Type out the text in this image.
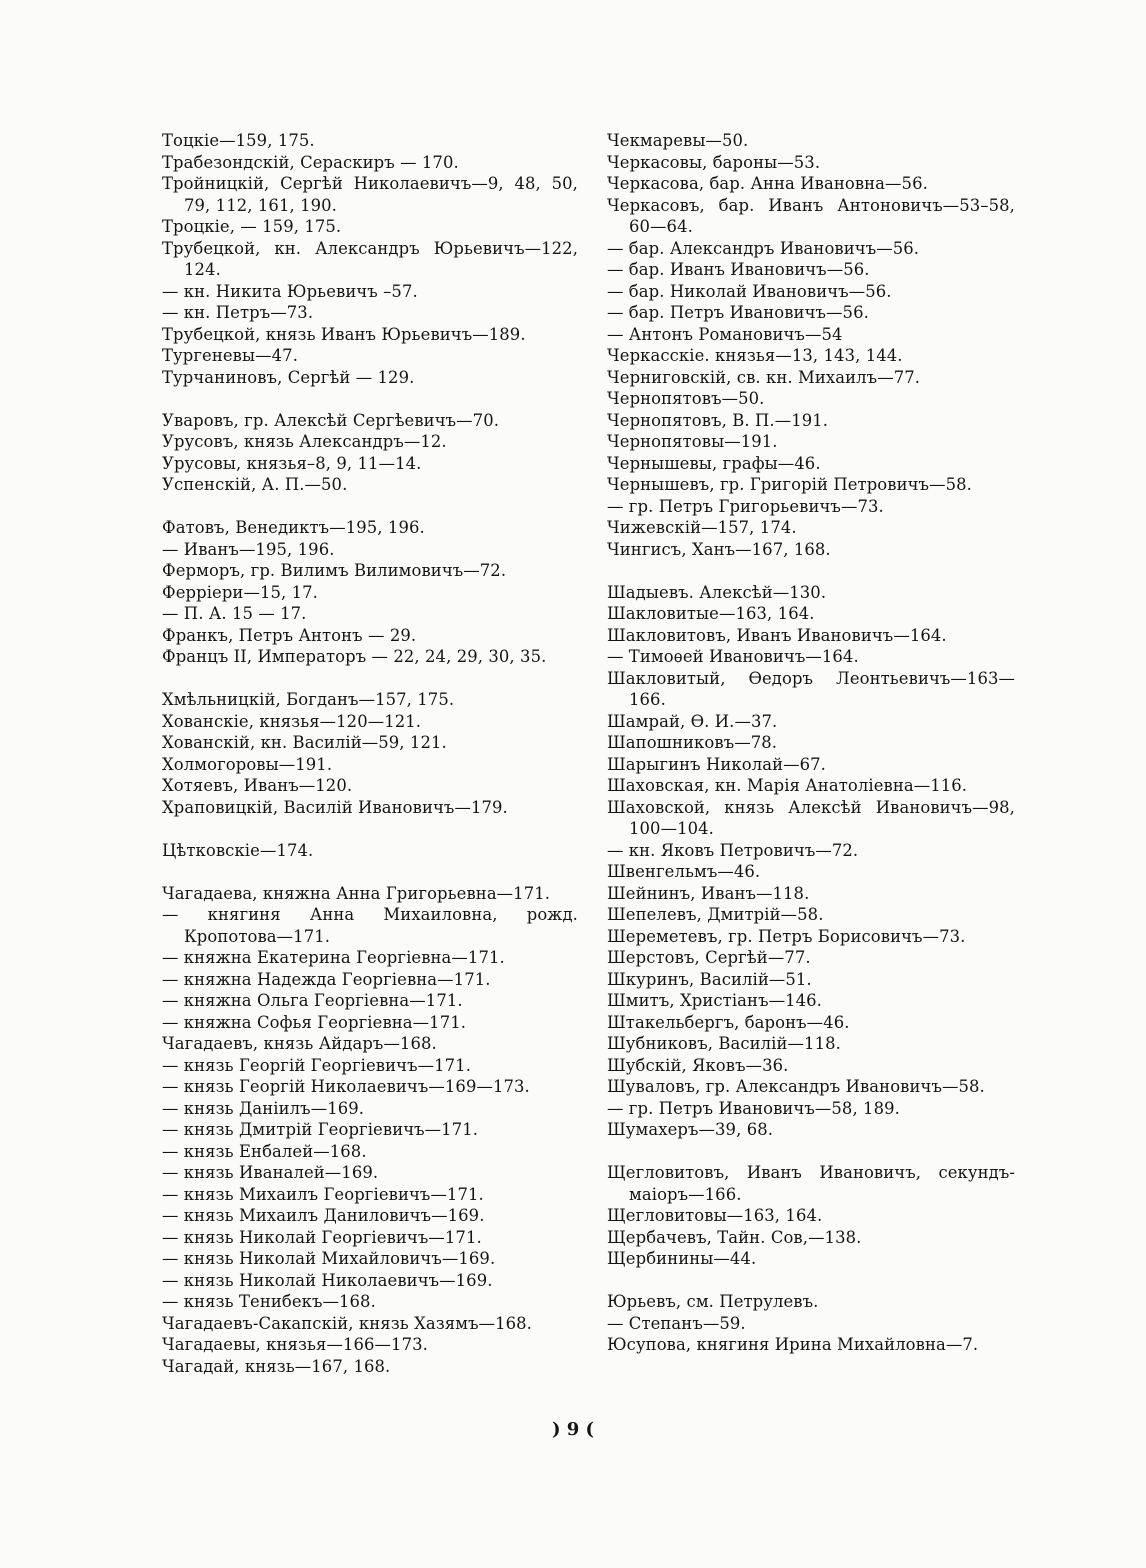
Тоцкіе—159, 175.
Трабезондскій, Сераскиръ — 170.
Тройницкій, Сергѣй Николаевичъ—9, 48, 50, 79, 112, 161, 190.
Троцкіе, — 159, 175.
Трубецкой, кн. Александръ Юрьевичъ—122, 124.
— кн. Никита Юрьевичъ –57.
— кн. Петръ—73.
Трубецкой, князь Иванъ Юрьевичъ—189.
Тургеневы—47.
Турчаниновъ, Сергѣй — 129.
Уваровъ, гр. Алексѣй Сергѣевичъ—70.
Урусовъ, князь Александръ—12.
Урусовы, князья–8, 9, 11—14.
Успенскій, А. П.—50.
Фатовъ, Венедиктъ—195, 196.
— Иванъ—195, 196.
Ферморъ, гр. Вилимъ Вилимовичъ—72.
Ферріери—15, 17.
— П. А. 15 — 17.
Франкъ, Петръ Антонъ — 29.
Францъ II, Императоръ — 22, 24, 29, 30, 35.
Хмѣльницкій, Богданъ—157, 175.
Хованскіе, князья—120—121.
Хованскій, кн. Василій—59, 121.
Холмогоровы—191.
Хотяевъ, Иванъ—120.
Храповицкій, Василій Ивановичъ—179.
Цѣтковскіе—174.
Чагадаева, княжна Анна Григорьевна—171.
— княгиня Анна Михаиловна, рожд. Кропотова—171.
— княжна Екатерина Георгіевна—171.
— княжна Надежда Георгіевна—171.
— княжна Ольга Георгіевна—171.
— княжна Софья Георгіевна—171.
Чагадаевъ, князь Айдаръ—168.
— князь Георгій Георгіевичъ—171.
— князь Георгій Николаевичъ—169—173.
— князь Даніилъ—169.
— князь Дмитрій Георгіевичъ—171.
— князь Енбалей—168.
— князь Иваналей—169.
— князь Михаилъ Георгіевичъ—171.
— князь Михаилъ Даниловичъ—169.
— князь Николай Георгіевичъ—171.
— князь Николай Михайловичъ—169.
— князь Николай Николаевичъ—169.
— князь Тенибекъ—168.
Чагадаевъ-Сакапскій, князь Хазямъ—168.
Чагадаевы, князья—166—173.
Чагадай, князь—167, 168.
Чекмаревы—50.
Черкасовы, бароны—53.
Черкасова, бар. Анна Ивановна—56.
Черкасовъ, бар. Иванъ Антоновичъ—53–58, 60—64.
— бар. Александръ Ивановичъ—56.
— бар. Иванъ Ивановичъ—56.
— бар. Николай Ивановичъ—56.
— бар. Петръ Ивановичъ—56.
— Антонъ Романовичъ—54
Черкасскіе. князья—13, 143, 144.
Черниговскій, св. кн. Михаилъ—77.
Чернопятовъ—50.
Чернопятовъ, В. П.—191.
Чернопятовы—191.
Чернышевы, графы—46.
Чернышевъ, гр. Григорій Петровичъ—58.
— гр. Петръ Григорьевичъ—73.
Чижевскій—157, 174.
Чингисъ, Ханъ—167, 168.
Шадыевъ. Алексѣй—130.
Шакловитые—163, 164.
Шакловитовъ, Иванъ Ивановичъ—164.
— Тимоѳей Ивановичъ—164.
Шакловитый, Ѳедоръ Леонтьевичъ—163—166.
Шамрай, Ѳ. И.—37.
Шапошниковъ—78.
Шарыгинъ Николай—67.
Шаховская, кн. Марія Анатоліевна—116.
Шаховской, князь Алексѣй Ивановичъ—98, 100—104.
— кн. Яковъ Петровичъ—72.
Швенгельмъ—46.
Шейнинъ, Иванъ—118.
Шепелевъ, Дмитрій—58.
Шереметевъ, гр. Петръ Борисовичъ—73.
Шерстовъ, Сергѣй—77.
Шкуринъ, Василій—51.
Шмитъ, Христіанъ—146.
Штакельбергъ, баронъ—46.
Шубниковъ, Василій—118.
Шубскій, Яковъ—36.
Шуваловъ, гр. Александръ Ивановичъ—58.
— гр. Петръ Ивановичъ—58, 189.
Шумахеръ—39, 68.
Щегловитовъ, Иванъ Ивановичъ, секундъ-маіоръ—166.
Щегловитовы—163, 164.
Щербачевъ, Тайн. Сов,—138.
Щербинины—44.
Юрьевъ, см. Петрулевъ.
— Степанъ—59.
Юсупова, княгиня Ирина Михайловна—7.
) 9 (
